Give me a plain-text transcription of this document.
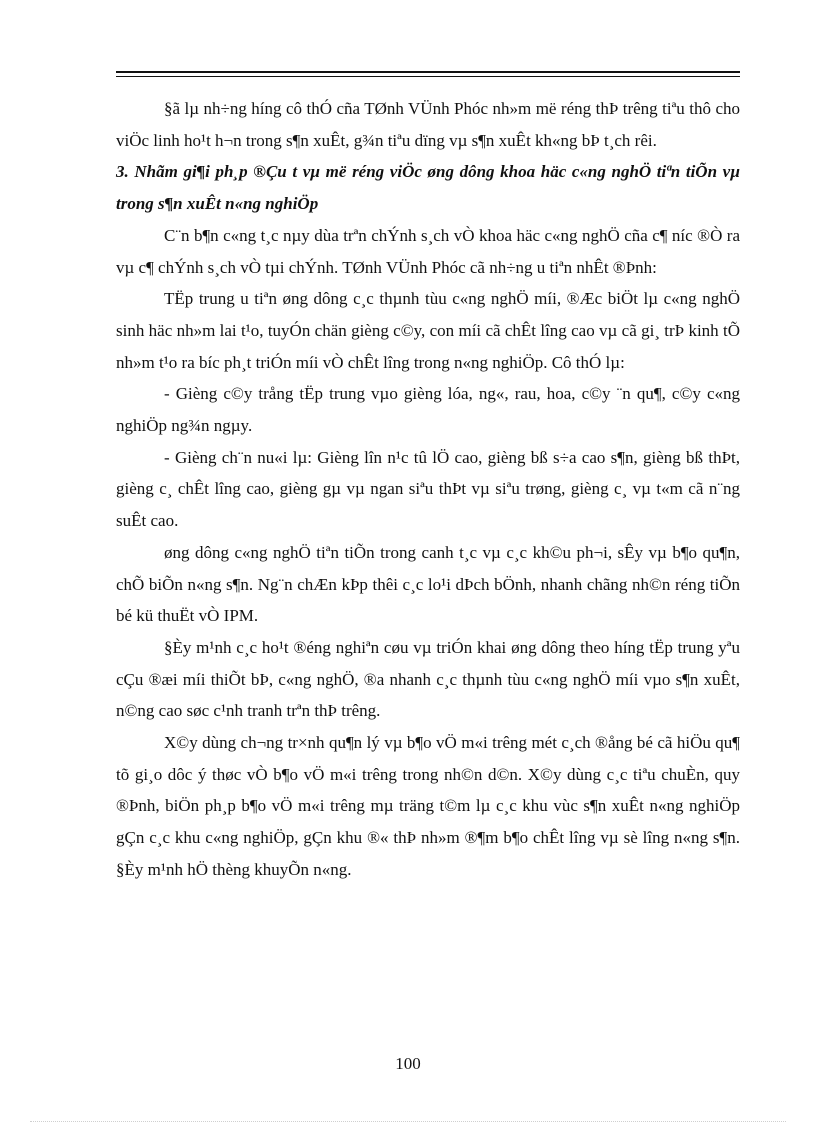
§ã lµ nh÷ng híng cô thÓ cña TØnh VÜnh Phóc nh»m më réng thÞ trêng tiªu thô cho viÖc linh ho¹t h¬n trong s¶n xuÊt, g¾n tiªu dïng vµ s¶n xuÊt kh«ng bÞ t¸ch rêi.

3. Nhãm gi¶i ph¸p ®Çu t vµ më réng viÖc øng dông khoa häc c«ng nghÖ tiªn tiÕn vµ trong s¶n xuÊt n«ng nghiÖp

C¨n b¶n c«ng t¸c nµy dùa trªn chÝnh s¸ch vÒ khoa häc c«ng nghÖ cña c¶ níc ®Ò ra vµ c¶ chÝnh s¸ch vÒ tµi chÝnh. TØnh VÜnh Phóc cã nh÷ng u tiªn nhÊt ®Þnh:

TËp trung u tiªn øng dông c¸c thµnh tùu c«ng nghÖ míi, ®Æc biÖt lµ c«ng nghÖ sinh häc nh»m lai t¹o, tuyÓn chän gièng c©y, con míi cã chÊt lîng cao vµ cã gi¸ trÞ kinh tÕ nh»m t¹o ra bíc ph¸t triÓn míi vÒ chÊt lîng trong n«ng nghiÖp. Cô thÓ lµ:

- Gièng c©y trång tËp trung vµo gièng lóa, ng«, rau, hoa, c©y ¨n qu¶, c©y c«ng nghiÖp ng¾n ngµy.

- Gièng ch¨n nu«i lµ: Gièng lîn n¹c tû lÖ cao, gièng bß s÷a cao s¶n, gièng bß thÞt, gièng c¸ chÊt lîng cao, gièng gµ vµ ngan siªu thÞt vµ siªu trøng, gièng c¸ vµ t«m cã n¨ng suÊt cao.

øng dông c«ng nghÖ tiªn tiÕn trong canh t¸c vµ c¸c kh©u ph¬i, sÊy vµ b¶o qu¶n, chÕ biÕn n«ng s¶n. Ng¨n chÆn kÞp thêi c¸c lo¹i dÞch bÖnh, nhanh chãng nh©n réng tiÕn bé kü thuËt vÒ IPM.

§Èy m¹nh c¸c ho¹t ®éng nghiªn cøu vµ triÓn khai øng dông theo híng tËp trung yªu cÇu ®æi míi thiÕt bÞ, c«ng nghÖ, ®a nhanh c¸c thµnh tùu c«ng nghÖ míi vµo s¶n xuÊt, n©ng cao søc c¹nh tranh trªn thÞ trêng.

X©y dùng ch¬ng tr×nh qu¶n lý vµ b¶o vÖ m«i trêng mét c¸ch ®ång bé cã hiÖu qu¶ tõ gi¸o dôc ý thøc vÒ b¶o vÖ m«i trêng trong nh©n d©n. X©y dùng c¸c tiªu chuÈn, quy ®Þnh, biÖn ph¸p b¶o vÖ m«i trêng mµ träng t©m lµ c¸c khu vùc s¶n xuÊt n«ng nghiÖp gÇn c¸c khu c«ng nghiÖp, gÇn khu ®« thÞ nh»m ®¶m b¶o chÊt lîng vµ sè lîng n«ng s¶n. §Èy m¹nh hÖ thèng khuyÕn n«ng.

100
